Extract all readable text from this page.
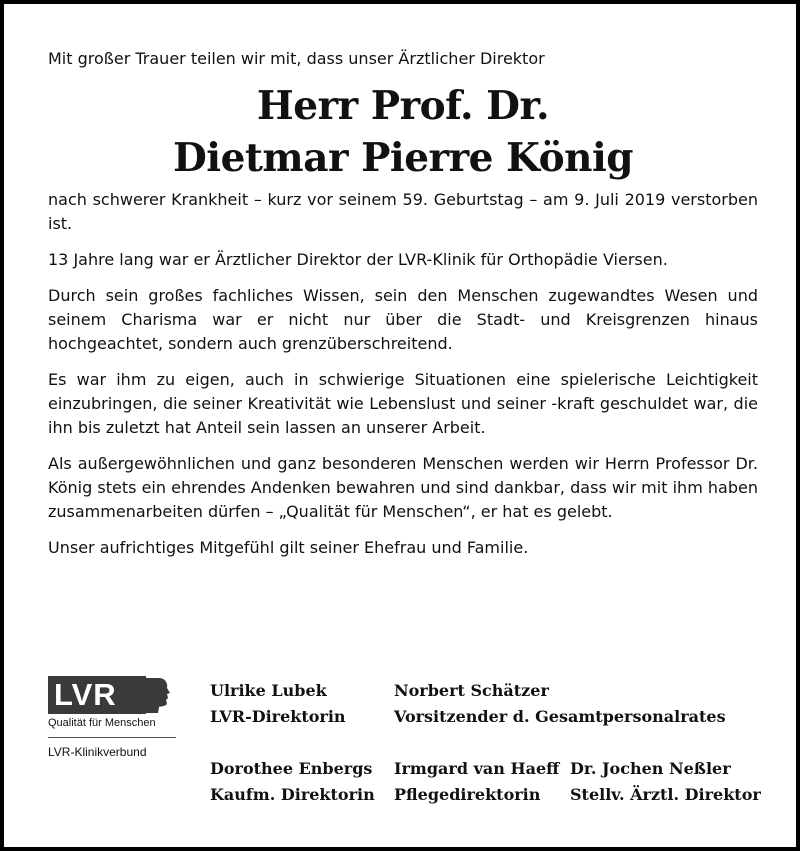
Mit großer Trauer teilen wir mit, dass unser Ärztlicher Direktor

Herr Prof. Dr.
Dietmar Pierre König

nach schwerer Krankheit – kurz vor seinem 59. Geburtstag – am 9. Juli 2019 verstorben ist.

13 Jahre lang war er Ärztlicher Direktor der LVR-Klinik für Orthopädie Viersen.

Durch sein großes fachliches Wissen, sein den Menschen zugewandtes Wesen und seinem Charisma war er nicht nur über die Stadt- und Kreisgrenzen hinaus hochgeachtet, sondern auch grenzüberschreitend.

Es war ihm zu eigen, auch in schwierige Situationen eine spielerische Leichtigkeit einzubringen, die seiner Kreativität wie Lebenslust und seiner -kraft geschuldet war, die ihn bis zuletzt hat Anteil sein lassen an unserer Arbeit.

Als außergewöhnlichen und ganz besonderen Menschen werden wir Herrn Professor Dr. König stets ein ehrendes Andenken bewahren und sind dankbar, dass wir mit ihm haben zusammenarbeiten dürfen – „Qualität für Menschen“, er hat es gelebt.

Unser aufrichtiges Mitgefühl gilt seiner Ehefrau und Familie.

LVR
Qualität für Menschen
LVR-Klinikverbund
Ulrike Lubek
LVR-Direktorin
Norbert Schätzer
Vorsitzender d. Gesamtpersonalrates
Dorothee Enbergs
Kaufm. Direktorin
Irmgard van Haeff
Pflegedirektorin
Dr. Jochen Neßler
Stellv. Ärztl. Direktor
